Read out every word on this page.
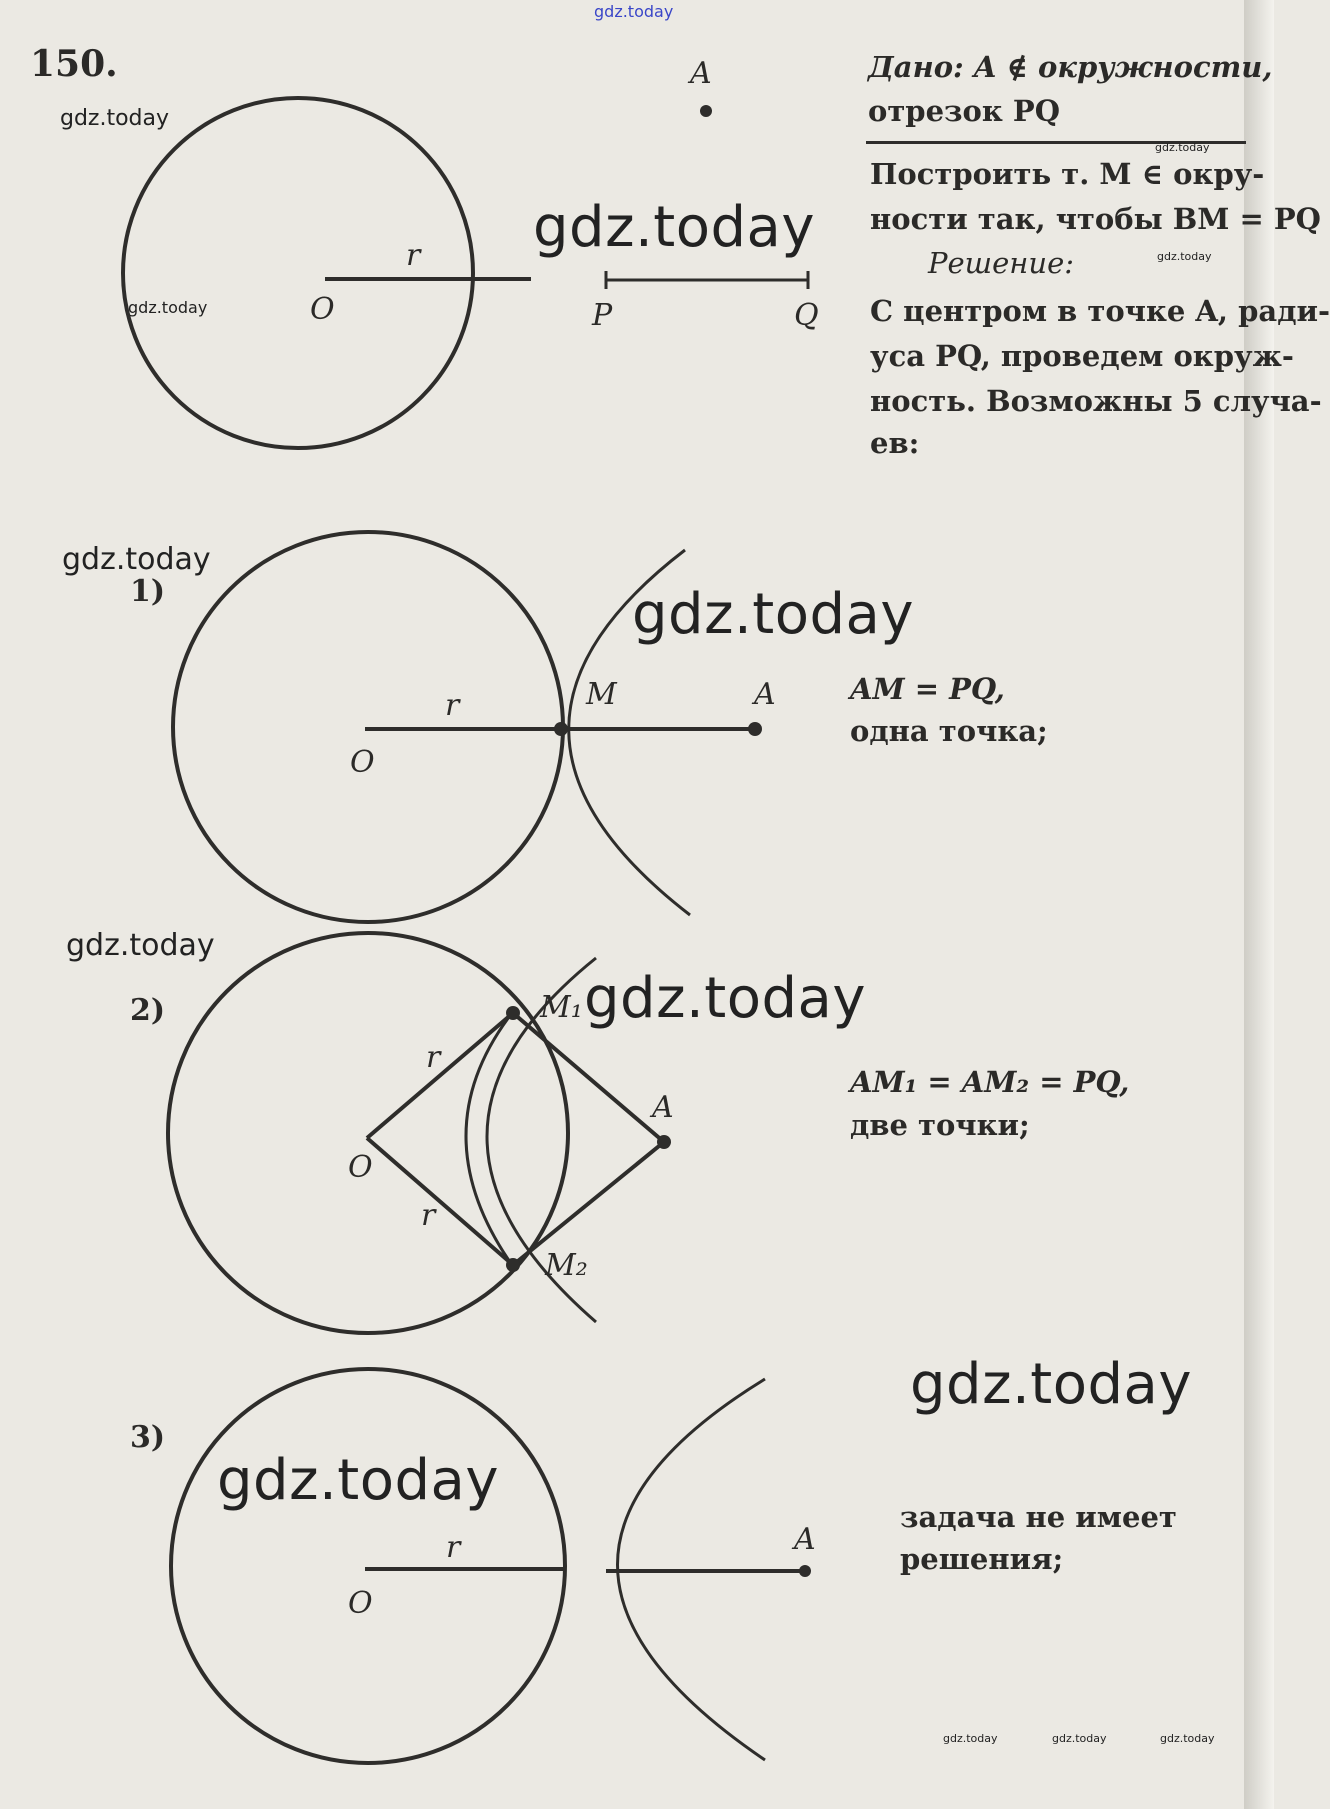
gdz.today
150.	Дано: A ∉ окружности,
отрезок PQ
Построить т. M ∈ окру-
ности так, чтобы BM = PQ
Решение:
С центром в точке A, ради-
уса PQ, проведем окруж-
ность. Возможны 5 случа-
ев:
A
O
r
P	Q
1)
O
r	M	A	AM = PQ,
одна точка;
2)
O
r
r
M₁
M₂
A
AM₁ = AM₂ = PQ,
две точки;
3)
O
r	A
задача не имеет
решения;
gdz.today
gdz.today
gdz.today
gdz.today
gdz.today
gdz.today
gdz.today
gdz.today
gdz.today
gdz.today
gdz.today
gdz.today	gdz.today	gdz.today
